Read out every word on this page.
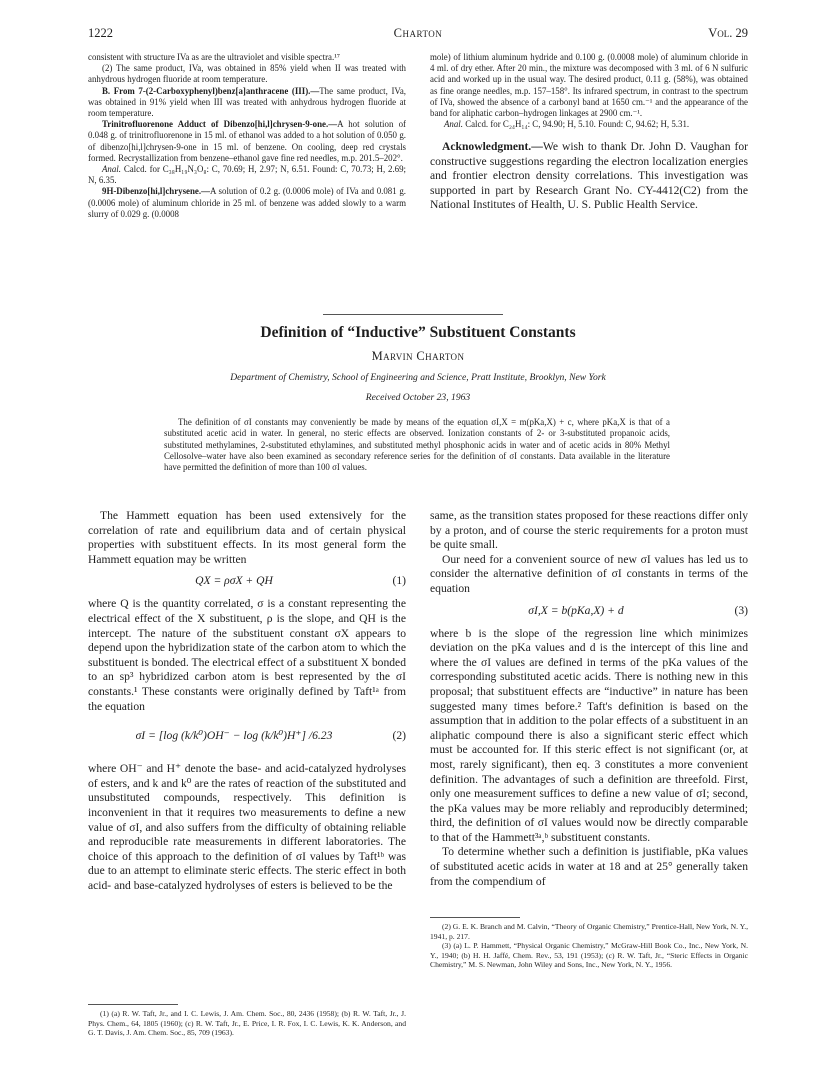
1222	Charton	Vol. 29

consistent with structure IVa as are the ultraviolet and visible spectra.¹⁷

(2) The same product, IVa, was obtained in 85% yield when II was treated with anhydrous hydrogen fluoride at room temperature.

B. From 7-(2-Carboxyphenyl)benz[a]anthracene (III).—The same product, IVa, was obtained in 91% yield when III was treated with anhydrous hydrogen fluoride at room temperature.

Trinitrofluorenone Adduct of Dibenzo[hi,l]chrysen-9-one.—A hot solution of 0.048 g. of trinitrofluorenone in 15 ml. of ethanol was added to a hot solution of 0.050 g. of dibenzo[hi,l]chrysen-9-one in 15 ml. of benzene. On cooling, deep red crystals formed. Recrystallization from benzene–ethanol gave fine red needles, m.p. 201.5–202°.

Anal. Calcd. for C₃₈H₁₉N₃O₈: C, 70.69; H, 2.97; N, 6.51. Found: C, 70.73; H, 2.69; N, 6.35.

9H-Dibenzo[hi,l]chrysene.—A solution of 0.2 g. (0.0006 mole) of IVa and 0.081 g. (0.0006 mole) of aluminum chloride in 25 ml. of benzene was added slowly to a warm slurry of 0.029 g. (0.0008

mole) of lithium aluminum hydride and 0.100 g. (0.0008 mole) of aluminum chloride in 4 ml. of dry ether. After 20 min., the mixture was decomposed with 3 ml. of 6 N sulfuric acid and worked up in the usual way. The desired product, 0.11 g. (58%), was obtained as fine orange needles, m.p. 157–158°. Its infrared spectrum, in contrast to the spectrum of IVa, showed the absence of a carbonyl band at 1650 cm.⁻¹ and the appearance of the band for aliphatic carbon–hydrogen linkages at 2900 cm.⁻¹.

Anal. Calcd. for C₂₄H₁₄: C, 94.90; H, 5.10. Found: C, 94.62; H, 5.31.

Acknowledgment.—We wish to thank Dr. John D. Vaughan for constructive suggestions regarding the electron localization energies and frontier electron density correlations. This investigation was supported in part by Research Grant No. CY-4412(C2) from the National Institutes of Health, U. S. Public Health Service.

Definition of “Inductive” Substituent Constants
Marvin Charton
Department of Chemistry, School of Engineering and Science, Pratt Institute, Brooklyn, New York
Received October 23, 1963
The definition of σI constants may conveniently be made by means of the equation σI,X = m(pKa,X) + c, where pKa,X is that of a substituted acetic acid in water. In general, no steric effects are observed. Ionization constants of 2- or 3-substituted propanoic acids, substituted methylamines, 2-substituted ethylamines, and substituted methyl phosphonic acids in water and of acetic acids in 80% Methyl Cellosolve–water have also been examined as secondary reference series for the definition of σI constants. Data available in the literature have permitted the definition of more than 100 σI values.

The Hammett equation has been used extensively for the correlation of rate and equilibrium data and of certain physical properties with substituent effects. In its most general form the Hammett equation may be written

QX = ρσX + QH	(1)

where Q is the quantity correlated, σ is a constant representing the electrical effect of the X substituent, ρ is the slope, and QH is the intercept. The nature of the substituent constant σX appears to depend upon the hybridization state of the carbon atom to which the substituent is bonded. The electrical effect of a substituent X bonded to an sp³ hybridized carbon atom is best represented by the σI constants.¹ These constants were originally defined by Taft¹ᵃ from the equation

σI = [log (k/k⁰)OH⁻ − log (k/k⁰)H⁺] /6.23	(2)

where OH⁻ and H⁺ denote the base- and acid-catalyzed hydrolyses of esters, and k and k⁰ are the rates of reaction of the substituted and unsubstituted compounds, respectively. This definition is inconvenient in that it requires two measurements to define a new value of σI, and also suffers from the difficulty of obtaining reliable and reproducible rate measurements in different laboratories. The choice of this approach to the definition of σI values by Taft¹ᵇ was due to an attempt to eliminate steric effects. The steric effect in both acid- and base-catalyzed hydrolyses of esters is believed to be the

same, as the transition states proposed for these reactions differ only by a proton, and of course the steric requirements for a proton must be quite small.

Our need for a convenient source of new σI values has led us to consider the alternative definition of σI constants in terms of the equation

σI,X = b(pKa,X) + d	(3)

where b is the slope of the regression line which minimizes deviation on the pKa values and d is the intercept of this line and where the σI values are defined in terms of the pKa values of the corresponding substituted acetic acids. There is nothing new in this proposal; that substituent effects are “inductive” in nature has been suggested many times before.² Taft's definition is based on the assumption that in addition to the polar effects of a substituent in an aliphatic compound there is also a significant steric effect which must be accounted for. If this steric effect is not significant (or, at most, rarely significant), then eq. 3 constitutes a more convenient definition. The advantages of such a definition are threefold. First, only one measurement suffices to define a new value of σI; second, the pKa values may be more reliably and reproducibly determined; third, the definition of σI values would now be directly comparable to that of the Hammett³ᵃ,ᵇ substituent constants.

To determine whether such a definition is justifiable, pKa values of substituted acetic acids in water at 18 and at 25° generally taken from the compendium of

(2) G. E. K. Branch and M. Calvin, “Theory of Organic Chemistry,” Prentice-Hall, New York, N. Y., 1941, p. 217.

(3) (a) L. P. Hammett, “Physical Organic Chemistry,” McGraw-Hill Book Co., Inc., New York, N. Y., 1940; (b) H. H. Jaffé, Chem. Rev., 53, 191 (1953); (c) R. W. Taft, Jr., “Steric Effects in Organic Chemistry,” M. S. Newman, John Wiley and Sons, Inc., New York, N. Y., 1956.

(1) (a) R. W. Taft, Jr., and I. C. Lewis, J. Am. Chem. Soc., 80, 2436 (1958); (b) R. W. Taft, Jr., J. Phys. Chem., 64, 1805 (1960); (c) R. W. Taft, Jr., E. Price, I. R. Fox, I. C. Lewis, K. K. Anderson, and G. T. Davis, J. Am. Chem. Soc., 85, 709 (1963).
